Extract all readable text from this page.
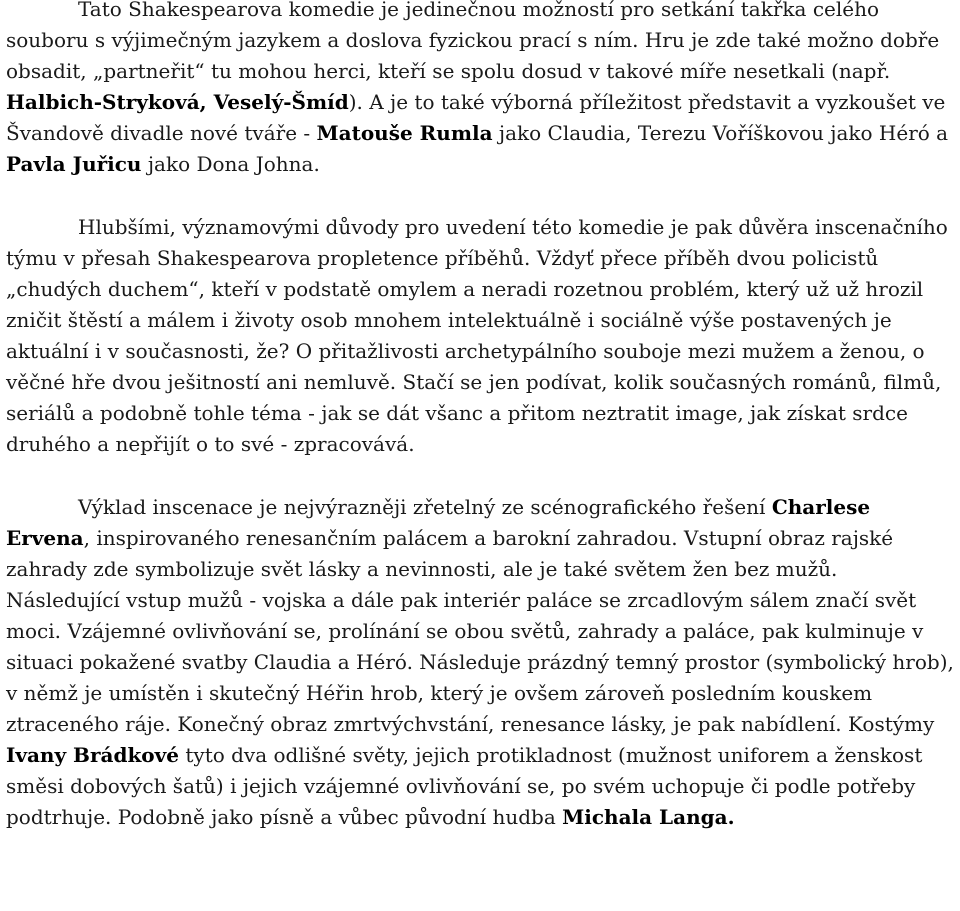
Tato Shakespearova komedie je jedinečnou možností pro setkání takřka celého souboru s výjimečným jazykem a doslova fyzickou prací s ním. Hru je zde také možno dobře obsadit, „partneřit“ tu mohou herci, kteří se spolu dosud v takové míře nesetkali (např. Halbich-Stryková, Veselý-Šmíd). A je to také výborná příležitost představit a vyzkoušet ve Švandově divadle nové tváře - Matouše Rumla jako Claudia, Terezu Voříškovou jako Héró a Pavla Juřicu jako Dona Johna.

Hlubšími, významovými důvody pro uvedení této komedie je pak důvěra inscenačního týmu v přesah Shakespearova propletence příběhů. Vždyť přece příběh dvou policistů „chudých duchem“, kteří v podstatě omylem a neradi rozetnou problém, který už už hrozil zničit štěstí a málem i životy osob mnohem intelektuálně i sociálně výše postavených je aktuální i v současnosti, že? O přitažlivosti archetypálního souboje mezi mužem a ženou, o věčné hře dvou ješitností ani nemluvě. Stačí se jen podívat, kolik současných románů, filmů, seriálů a podobně tohle téma - jak se dát všanc a přitom neztratit image, jak získat srdce druhého a nepřijít o to své - zpracovává.

Výklad inscenace je nejvýrazněji zřetelný ze scénografického řešení Charlese Ervena, inspirovaného renesančním palácem a barokní zahradou. Vstupní obraz rajské zahrady zde symbolizuje svět lásky a nevinnosti, ale je také světem žen bez mužů. Následující vstup mužů - vojska a dále pak interiér paláce se zrcadlovým sálem značí svět moci. Vzájemné ovlivňování se, prolínání se obou světů, zahrady a paláce, pak kulminuje v situaci pokažené svatby Claudia a Héró. Následuje prázdný temný prostor (symbolický hrob), v němž je umístěn i skutečný Héřin hrob, který je ovšem zároveň posledním kouskem ztraceného ráje. Konečný obraz zmrtvýchvstání, renesance lásky, je pak nabídlení. Kostýmy Ivany Brádkové tyto dva odlišné světy, jejich protikladnost (mužnost uniforem a ženskost směsi dobových šatů) i jejich vzájemné ovlivňování se, po svém uchopuje či podle potřeby podtrhuje. Podobně jako písně a vůbec původní hudba Michala Langa.
